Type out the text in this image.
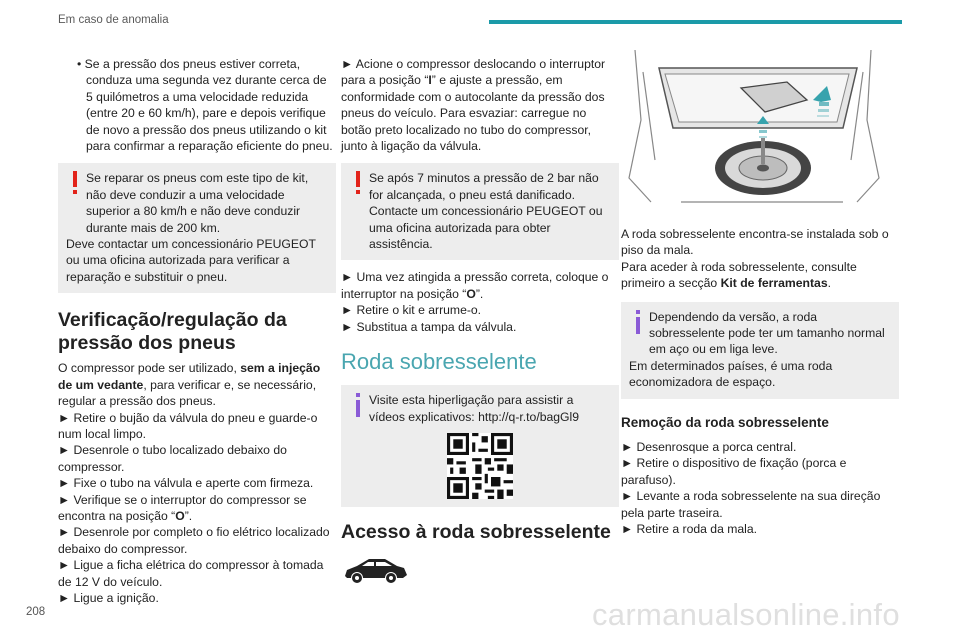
Em caso de anomalia

• Se a pressão dos pneus estiver correta, conduza uma segunda vez durante cerca de 5 quilómetros a uma velocidade reduzida (entre 20 e 60 km/h), pare e depois verifique de novo a pressão dos pneus utilizando o kit para confirmar a reparação eficiente do pneu.

Se reparar os pneus com este tipo de kit, não deve conduzir a uma velocidade superior a 80 km/h e não deve conduzir durante mais de 200 km.

Deve contactar um concessionário PEUGEOT ou uma oficina autorizada para verificar a reparação e substituir o pneu.

Verificação/regulação da pressão dos pneus

O compressor pode ser utilizado, sem a injeção de um vedante, para verificar e, se necessário, regular a pressão dos pneus.

► Retire o bujão da válvula do pneu e guarde-o num local limpo.

► Desenrole o tubo localizado debaixo do compressor.

► Fixe o tubo na válvula e aperte com firmeza.

► Verifique se o interruptor do compressor se encontra na posição “O”.

► Desenrole por completo o fio elétrico localizado debaixo do compressor.

► Ligue a ficha elétrica do compressor à tomada de 12 V do veículo.

► Ligue a ignição.

► Acione o compressor deslocando o interruptor para a posição “I” e ajuste a pressão, em conformidade com o autocolante da pressão dos pneus do veículo. Para esvaziar: carregue no botão preto localizado no tubo do compressor, junto à ligação da válvula.

Se após 7 minutos a pressão de 2 bar não for alcançada, o pneu está danificado. Contacte um concessionário PEUGEOT ou uma oficina autorizada para obter assistência.

► Uma vez atingida a pressão correta, coloque o interruptor na posição “O”.

► Retire o kit e arrume-o.

► Substitua a tampa da válvula.

Roda sobresselente

Visite esta hiperligação para assistir a vídeos explicativos: http://q-r.to/bagGl9

Acesso à roda sobresselente

A roda sobresselente encontra-se instalada sob o piso da mala.

Para aceder à roda sobresselente, consulte primeiro a secção Kit de ferramentas.

Dependendo da versão, a roda sobresselente pode ter um tamanho normal em aço ou em liga leve.

Em determinados países, é uma roda economizadora de espaço.

Remoção da roda sobresselente

► Desenrosque a porca central.

► Retire o dispositivo de fixação (porca e parafuso).

► Levante a roda sobresselente na sua direção pela parte traseira.

► Retire a roda da mala.

208	carmanualsonline.info
